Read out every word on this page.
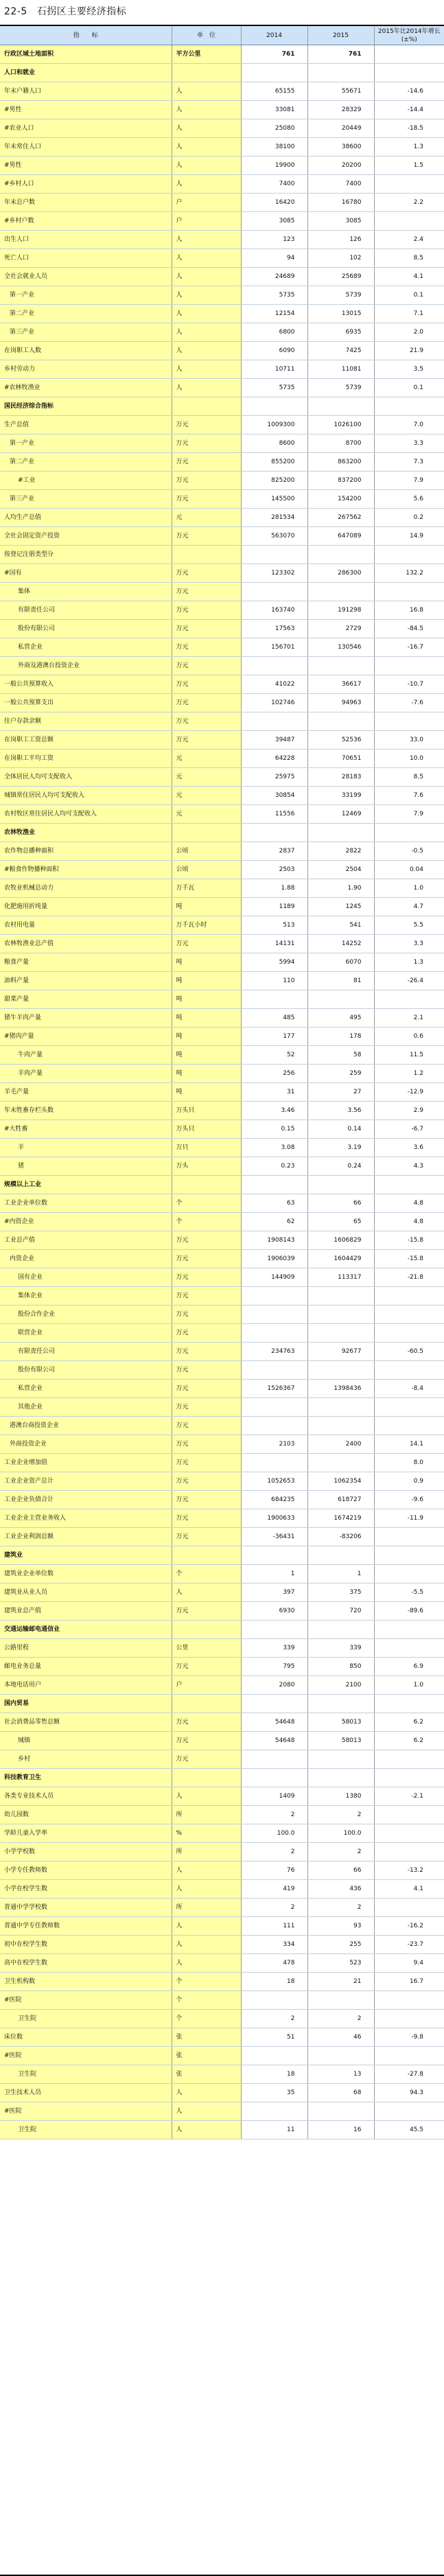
22-5 石拐区主要经济指标
指　　标	单　位	2014	2015	2015年比2014年增长(±%)
行政区域土地面积	平方公里	761	761	
人口和就业				
年末户籍人口	人	65155	55671	-14.6
#男性	人	33081	28329	-14.4
#农业人口	人	25080	20449	-18.5
年末常住人口	人	38100	38600	1.3
#男性	人	19900	20200	1.5
#乡村人口	人	7400	7400	
年末总户数	户	16420	16780	2.2
#乡村户数	户	3085	3085	
出生人口	人	123	126	2.4
死亡人口	人	94	102	8.5
全社会就业人员	人	24689	25689	4.1
第一产业	人	5735	5739	0.1
第二产业	人	12154	13015	7.1
第三产业	人	6800	6935	2.0
在岗职工人数	人	6090	7425	21.9
乡村劳动力	人	10711	11081	3.5
#农林牧渔业	人	5735	5739	0.1
国民经济综合指标				
生产总值	万元	1009300	1026100	7.0
第一产业	万元	8600	8700	3.3
第二产业	万元	855200	863200	7.3
#工业	万元	825200	837200	7.9
第三产业	万元	145500	154200	5.6
人均生产总值	元	281534	267562	0.2
全社会固定资产投资	万元	563070	647089	14.9
按登记注册类型分				
#国有	万元	123302	286300	132.2
集体	万元			
有限责任公司	万元	163740	191298	16.8
股份有限公司	万元	17563	2729	-84.5
私营企业	万元	156701	130546	-16.7
外商及港澳台投资企业	万元			
一般公共预算收入	万元	41022	36617	-10.7
一般公共预算支出	万元	102746	94963	-7.6
住户存款余额	万元			
在岗职工工资总额	万元	39487	52536	33.0
在岗职工平均工资	元	64228	70651	10.0
全体居民人均可支配收入	元	25975	28183	8.5
城镇常住居民人均可支配收入	元	30854	33199	7.6
农村牧区常住居民人均可支配收入	元	11556	12469	7.9
农林牧渔业				
农作物总播种面积	公顷	2837	2822	-0.5
#粮食作物播种面积	公顷	2503	2504	0.04
农牧业机械总动力	万千瓦	1.88	1.90	1.0
化肥施用折纯量	吨	1189	1245	4.7
农村用电量	万千瓦小时	513	541	5.5
农林牧渔业总产值	万元	14131	14252	3.3
粮食产量	吨	5994	6070	1.3
油料产量	吨	110	81	-26.4
甜菜产量	吨			
猪牛羊肉产量	吨	485	495	2.1
#猪肉产量	吨	177	178	0.6
牛肉产量	吨	52	58	11.5
羊肉产量	吨	256	259	1.2
羊毛产量	吨	31	27	-12.9
年末牲畜存栏头数	万头只	3.46	3.56	2.9
#大牲畜	万头只	0.15	0.14	-6.7
羊	万只	3.08	3.19	3.6
猪	万头	0.23	0.24	4.3
规模以上工业				
工业企业单位数	个	63	66	4.8
#内资企业	个	62	65	4.8
工业总产值	万元	1908143	1606829	-15.8
内资企业	万元	1906039	1604429	-15.8
国有企业	万元	144909	113317	-21.8
集体企业	万元			
股份合作企业	万元			
联营企业	万元			
有限责任公司	万元	234763	92677	-60.5
股份有限公司	万元			
私营企业	万元	1526367	1398436	-8.4
其他企业	万元			
港澳台商投资企业	万元			
外商投资企业	万元	2103	2400	14.1
工业企业增加值	万元			8.0
工业企业资产总计	万元	1052653	1062354	0.9
工业企业负债合计	万元	684235	618727	-9.6
工业企业主营业务收入	万元	1900633	1674219	-11.9
工业企业利润总额	万元	-36431	-83206	
建筑业				
建筑业企业单位数	个	1	1	
建筑业从业人员	人	397	375	-5.5
建筑业总产值	万元	6930	720	-89.6
交通运输邮电通信业				
公路里程	公里	339	339	
邮电业务总量	万元	795	850	6.9
本地电话用户	户	2080	2100	1.0
国内贸易				
社会消费品零售总额	万元	54648	58013	6.2
城镇	万元	54648	58013	6.2
乡村	万元			
科技教育卫生				
各类专业技术人员	人	1409	1380	-2.1
幼儿园数	所	2	2	
学龄儿童入学率	%	100.0	100.0	
小学学校数	所	2	2	
小学专任教师数	人	76	66	-13.2
小学在校学生数	人	419	436	4.1
普通中学学校数	所	2	2	
普通中学专任教师数	人	111	93	-16.2
初中在校学生数	人	334	255	-23.7
高中在校学生数	人	478	523	9.4
卫生机构数	个	18	21	16.7
#医院	个			
卫生院	个	2	2	
床位数	张	51	46	-9.8
#医院	张			
卫生院	张	18	13	-27.8
卫生技术人员	人	35	68	94.3
#医院	人			
卫生院	人	11	16	45.5
